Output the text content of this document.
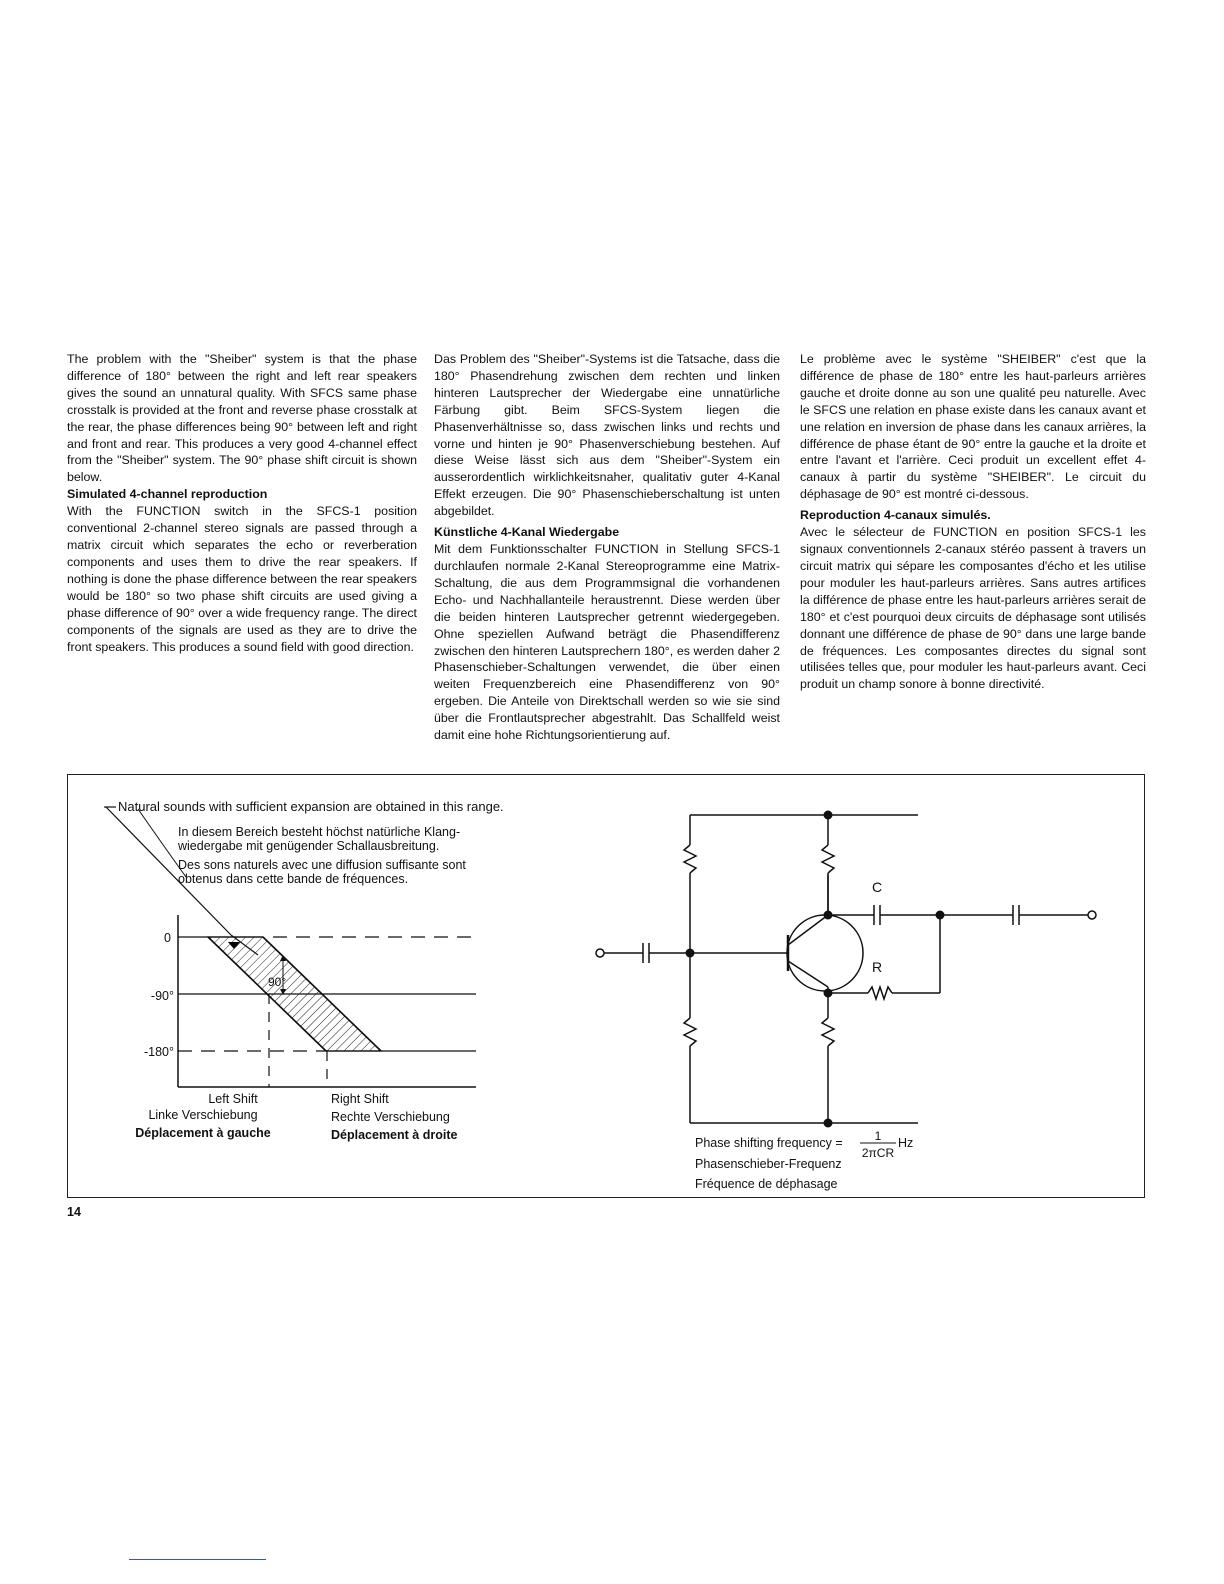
The problem with the "Sheiber" system is that the phase difference of 180° between the right and left rear speakers gives the sound an unnatural quality. With SFCS same phase crosstalk is provided at the front and reverse phase crosstalk at the rear, the phase differences being 90° between left and right and front and rear. This produces a very good 4-channel effect from the "Sheiber" system. The 90° phase shift circuit is shown below.

Simulated 4-channel reproduction

With the FUNCTION switch in the SFCS-1 position conventional 2-channel stereo signals are passed through a matrix circuit which separates the echo or reverberation components and uses them to drive the rear speakers. If nothing is done the phase difference between the rear speakers would be 180° so two phase shift circuits are used giving a phase difference of 90° over a wide frequency range. The direct components of the signals are used as they are to drive the front speakers. This produces a sound field with good direction.

Das Problem des "Sheiber"-Systems ist die Tatsache, dass die 180° Phasendrehung zwischen dem rechten und linken hinteren Lautsprecher der Wiedergabe eine unnatürliche Färbung gibt. Beim SFCS-System liegen die Phasenverhältnisse so, dass zwischen links und rechts und vorne und hinten je 90° Phasenverschiebung bestehen. Auf diese Weise lässt sich aus dem "Sheiber"-System ein ausserordentlich wirklichkeitsnaher, qualitativ guter 4-Kanal Effekt erzeugen. Die 90° Phasenschieberschaltung ist unten abgebildet.

Künstliche 4-Kanal Wiedergabe

Mit dem Funktionsschalter FUNCTION in Stellung SFCS-1 durchlaufen normale 2-Kanal Stereoprogramme eine Matrix-Schaltung, die aus dem Programmsignal die vorhandenen Echo- und Nachhallanteile heraustrennt. Diese werden über die beiden hinteren Lautsprecher getrennt wiedergegeben. Ohne speziellen Aufwand beträgt die Phasendifferenz zwischen den hinteren Lautsprechern 180°, es werden daher 2 Phasenschieber-Schaltungen verwendet, die über einen weiten Frequenzbereich eine Phasendifferenz von 90° ergeben. Die Anteile von Direktschall werden so wie sie sind über die Frontlautsprecher abgestrahlt. Das Schallfeld weist damit eine hohe Richtungsorientierung auf.

Le problème avec le système "SHEIBER" c'est que la différence de phase de 180° entre les haut-parleurs arrières gauche et droite donne au son une qualité peu naturelle. Avec le SFCS une relation en phase existe dans les canaux avant et une relation en inversion de phase dans les canaux arrières, la différence de phase étant de 90° entre la gauche et la droite et entre l'avant et l'arrière. Ceci produit un excellent effet 4-canaux à partir du système "SHEIBER". Le circuit du déphasage de 90° est montré ci-dessous.

Reproduction 4-canaux simulés.

Avec le sélecteur de FUNCTION en position SFCS-1 les signaux conventionnels 2-canaux stéréo passent à travers un circuit matrix qui sépare les composantes d'écho et les utilise pour moduler les haut-parleurs arrières. Sans autres artifices la différence de phase entre les haut-parleurs arrières serait de 180° et c'est pourquoi deux circuits de déphasage sont utilisés donnant une différence de phase de 90° dans une large bande de fréquences. Les composantes directes du signal sont utilisées telles que, pour moduler les haut-parleurs avant. Ceci produit un champ sonore à bonne directivité.

Natural sounds with sufficient expansion are obtained in this range.
In diesem Bereich besteht höchst natürliche Klang-
wiedergabe mit genügender Schallausbreitung.
Des sons naturels avec une diffusion suffisante sont
obtenus dans cette bande de fréquences.
0
-90°
-180°
90°
Left Shift
Linke Verschiebung
Déplacement à gauche
Right Shift
Rechte Verschiebung
Déplacement à droite
C
R
Phase shifting frequency =	1
2πCR
Hz
Phasenschieber-Frequenz
Fréquence de déphasage
14
